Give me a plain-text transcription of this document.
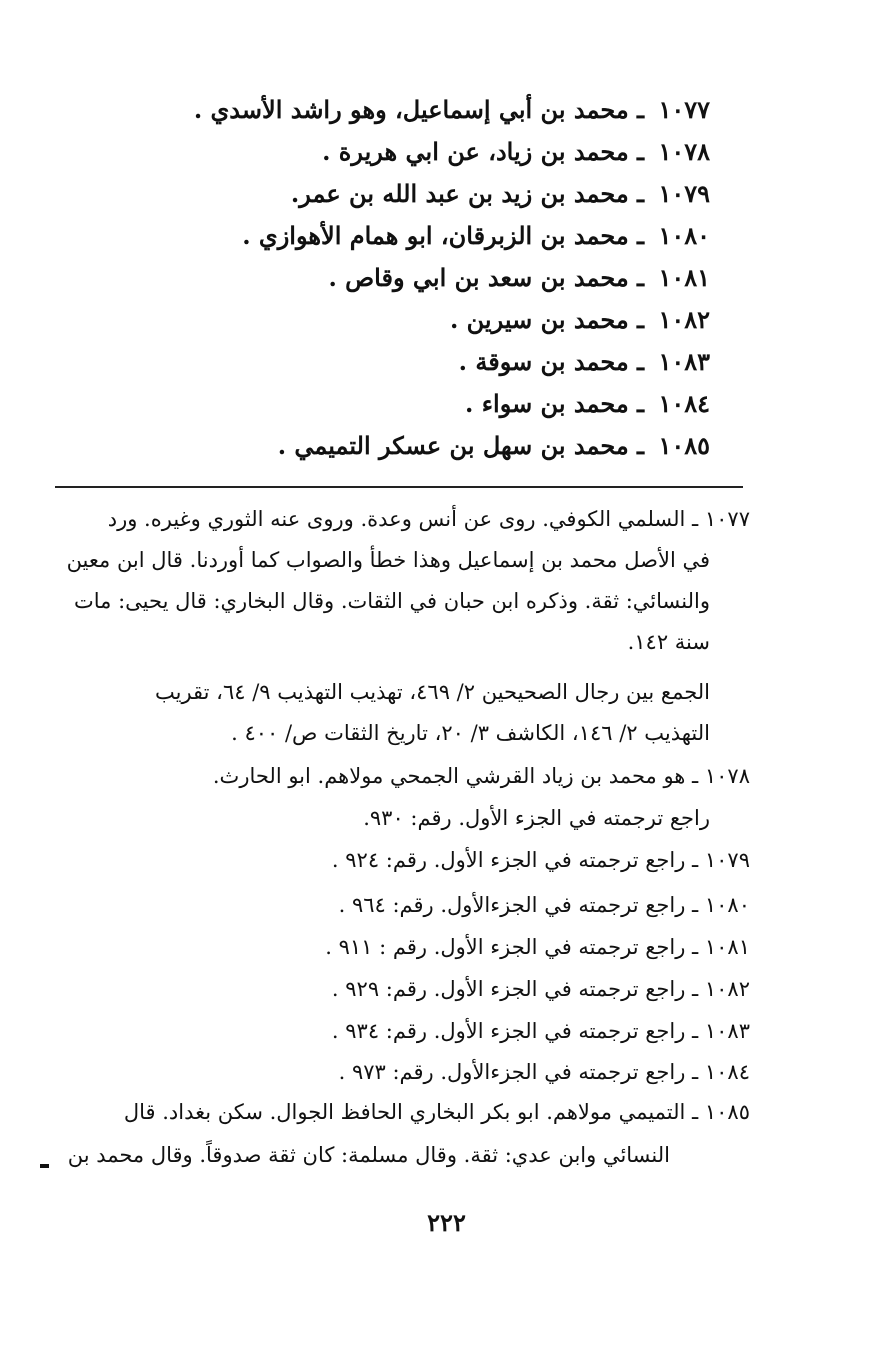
١٠٧٧ ـ محمد بن أبي إسماعيل، وهو راشد الأسدي .
١٠٧٨ ـ محمد بن زياد، عن ابي هريرة .
١٠٧٩ ـ محمد بن زيد بن عبد الله بن عمر.
١٠٨٠ ـ محمد بن الزبرقان، ابو همام الأهوازي .
١٠٨١ ـ محمد بن سعد بن ابي وقاص .
١٠٨٢ ـ محمد بن سيرين .
١٠٨٣ ـ محمد بن سوقة .
١٠٨٤ ـ محمد بن سواء .
١٠٨٥ ـ محمد بن سهل بن عسكر التميمي .
١٠٧٧ ـ السلمي الكوفي. روى عن أنس وعدة. وروى عنه الثوري وغيره. ورد
في الأصل محمد بن إسماعيل وهذا خطأ والصواب كما أوردنا. قال ابن معين
والنسائي: ثقة. وذكره ابن حبان في الثقات. وقال البخاري: قال يحيى: مات
سنة ١٤٢.
الجمع بين رجال الصحيحين ٢/ ٤٦٩، تهذيب التهذيب ٩/ ٦٤، تقريب
التهذيب ٢/ ١٤٦، الكاشف ٣/ ٢٠، تاريخ الثقات ص/ ٤٠٠ .
١٠٧٨ ـ هو محمد بن زياد القرشي الجمحي مولاهم. ابو الحارث.
راجع ترجمته في الجزء الأول. رقم: ٩٣٠.
١٠٧٩ ـ راجع ترجمته في الجزء الأول. رقم: ٩٢٤ .
١٠٨٠ ـ راجع ترجمته في الجزءالأول. رقم: ٩٦٤ .
١٠٨١ ـ راجع ترجمته في الجزء الأول. رقم : ٩١١ .
١٠٨٢ ـ راجع ترجمته في الجزء الأول. رقم: ٩٢٩ .
١٠٨٣ ـ راجع ترجمته في الجزء الأول. رقم: ٩٣٤ .
١٠٨٤ ـ راجع ترجمته في الجزءالأول. رقم: ٩٧٣ .
١٠٨٥ ـ التميمي مولاهم. ابو بكر البخاري الحافظ الجوال. سكن بغداد. قال
النسائي وابن عدي: ثقة. وقال مسلمة: كان ثقة صدوقاً. وقال محمد بن
٢٢٢
